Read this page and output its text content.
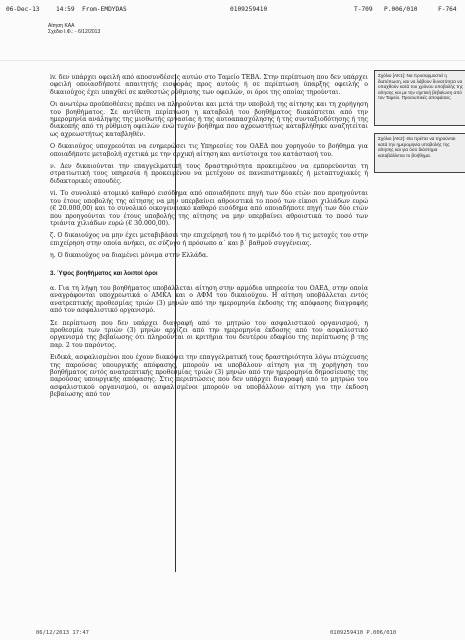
06-Dec-13	14:59 From-EMDYDAS	0109259410	T-709 P.006/010	F-764
Αίτηση ΚΑΑ
Σχέδιο Ι.Φ.: - 6/12/2013

iv. δεν υπάρχει οφειλή από αποσυνδέσεις αυτών στο Ταμείο ΤΕΒΑ. Στην περίπτωση που δεν υπάρχει οφειλή οποιασδήποτε απαιτητής εισφοράς προς αυτούς ή σε περίπτωση ύπαρξης οφειλής ο δικαιούχος έχει υπαχθεί σε καθεστώς ρύθμισης των οφειλών, οι όροι της οποίας τηρούνται.

Οι ανωτέρω προϋποθέσεις πρέπει να πληρούνται και μετά την υποβολή της αίτησης και τη χορήγηση του βοηθήματος. Σε αντίθετη περίπτωση η καταβολή του βοηθήματος διακόπτεται από την ημερομηνία ανάληψης της μισθωτής εργασίας ή της αυτοαπασχόλησης ή της συνταξιοδότησης ή της διακοπής από τη ρύθμιση οφειλών ενώ τυχόν βοήθημα που αχρεωστήτως καταβλήθηκε αναζητείται ως αχρεωστήτως καταβληθέν.

Ο δικαιούχος υποχρεούται να ενημερώσει τις Υπηρεσίες του ΟΑΕΔ που χορηγούν το βοήθημα για οποιαδήποτε μεταβολή σχετικά με την αρχική αίτηση και αντίστοιχα του κατάστασή του.

ν. Δεν δικαιούνται την επαγγελματική τους δραστηριότητα προκειμένου να εμπορεύονται τη στρατιωτική τους υπηρεσία ή προκειμένου να μετέχουν σε πανεπιστημιακές ή μεταπτυχιακές ή διδακτορικές σπουδές.

vi. Το συνολικό ατομικό καθαρό εισόδημα από οποιαδήποτε πηγή των δύο ετών που προηγούνται του έτους υποβολής της αίτησης να μην υπερβαίνει αθροιστικά το ποσό των είκοσι χιλιάδων ευρώ (€ 20.000,00) και το συνολικό οικογενειακό καθαρό εισόδημα από οποιαδήποτε πηγή των δύο ετών που προηγούνται του έτους υποβολής της αίτησης να μην υπερβαίνει αθροιστικά το ποσό των τριάντα χιλιάδων ευρώ (€ 30.000,00).

ζ. Ο δικαιούχος να μην έχει μεταβιβάσει την επιχείρησή του ή το μερίδιό του ή τις μετοχές του στην επιχείρηση στην οποία ανήκει, σε σύζυγο ή πρόσωπο α΄ και β΄ βαθμού συγγένειας.

η. Ο δικαιούχος να διαμένει μόνιμα στην Ελλάδα.

3. Ύψος βοηθήματος και λοιποί όροι

α. Για τη λήψη του βοηθήματος υποβάλλεται αίτηση στην αρμόδια υπηρεσία του ΟΑΕΔ, στην οποία αναγράφονται υποχρεωτικά ο ΑΜΚΑ και ο ΑΦΜ του δικαιούχου. Η αίτηση υποβάλλεται εντός ανατρεπτικής προθεσμίας τριών (3) μηνών από την ημερομηνία έκδοσης της απόφασης διαγραφής από τον ασφαλιστικό οργανισμό.

Σε περίπτωση που δεν υπάρχει διαγραφή από το μητρώο του ασφαλιστικού οργανισμού, η προθεσμία των τριών (3) μηνών αρχίζει από την ημερομηνία έκδοσης από τον ασφαλιστικό οργανισμό της βεβαίωσης ότι πληρούνται οι κριτήρια του δευτέρου εδαφίου της περίπτωσης β της παρ. 2 του παρόντος.

Ειδικά, ασφαλισμένοι που έχουν διακόψει την επαγγελματική τους δραστηριότητα λόγω πτώχευσης της παρούσας υπουργικής απόφασης, μπορούν να υποβάλουν αίτηση για τη χορήγηση του βοηθήματος εντός ανατρεπτικής προθεσμίας τριών (3) μηνών από την ημερομηνία δημοσίευσης της παρούσας υπουργικής απόφασης. Στις περιπτώσεις που δεν υπάρχει διαγραφή από το μητρώο του ασφαλιστικού οργανισμού, οι ασφαλισμένοι μπορούν να υποβάλλουν αίτηση για την έκδοση βεβαίωσης από τον

Σχόλιο [ΑΚ1]: Να προσαρμοστεί η διατύπωση, και να λάβουν δυνατότητα να υπαχθούν κατά του χρόνου υποβολής της αίτησης και με την σχετική βεβαίωση από τον Ταμείο. Προσωπικές αποφάσεις.
Σχόλιο [ΑΚ2]: Θα πρέπει να τηρούνται κατά την ημερομηνία υποβολής της αίτησης και για όσο διάστημα καταβάλλεται το βοήθημα.
06/12/2013 17:47	0109259410 P.006/010
